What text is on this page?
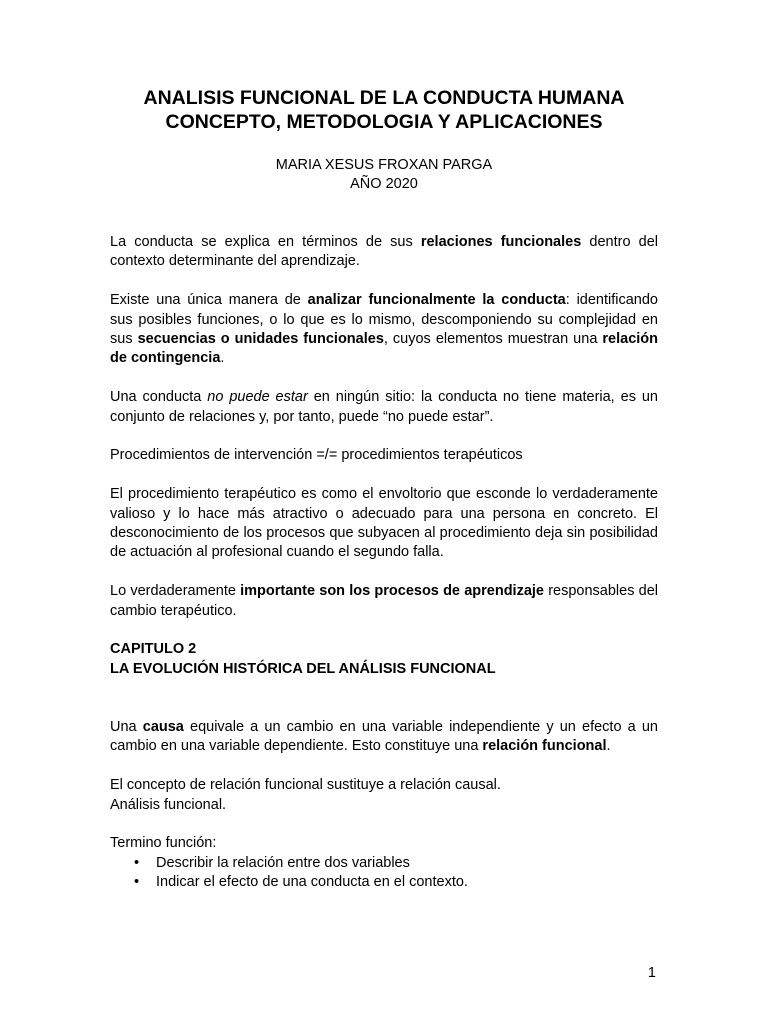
ANALISIS FUNCIONAL DE LA CONDUCTA HUMANA
CONCEPTO, METODOLOGIA Y APLICACIONES
MARIA XESUS FROXAN PARGA
AÑO 2020

La conducta se explica en términos de sus relaciones funcionales dentro del contexto determinante del aprendizaje.

Existe una única manera de analizar funcionalmente la conducta: identificando sus posibles funciones, o lo que es lo mismo, descomponiendo su complejidad en sus secuencias o unidades funcionales, cuyos elementos muestran una relación de contingencia.

Una conducta no puede estar en ningún sitio: la conducta no tiene materia, es un conjunto de relaciones y, por tanto, puede “no puede estar”.

Procedimientos de intervención =/= procedimientos terapéuticos

El procedimiento terapéutico es como el envoltorio que esconde lo verdaderamente valioso y lo hace más atractivo o adecuado para una persona en concreto. El desconocimiento de los procesos que subyacen al procedimiento deja sin posibilidad de actuación al profesional cuando el segundo falla.

Lo verdaderamente importante son los procesos de aprendizaje responsables del cambio terapéutico.

CAPITULO 2

LA EVOLUCIÓN HISTÓRICA DEL ANÁLISIS FUNCIONAL

Una causa equivale a un cambio en una variable independiente y un efecto a un cambio en una variable dependiente. Esto constituye una relación funcional.

El concepto de relación funcional sustituye a relación causal.

Análisis funcional.

Termino función:

• Describir la relación entre dos variables
• Indicar el efecto de una conducta en el contexto.
1
